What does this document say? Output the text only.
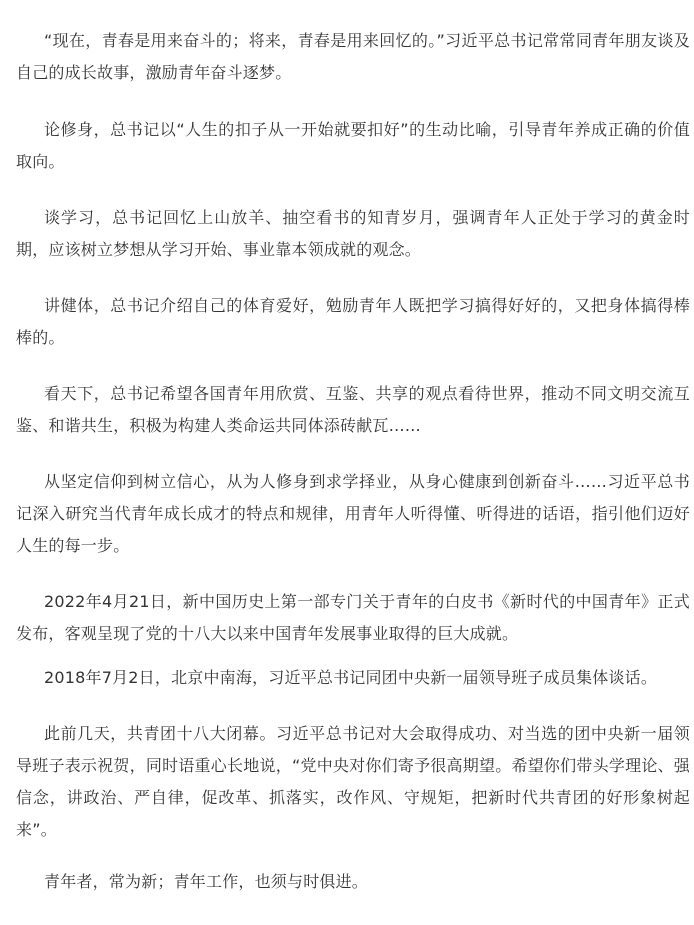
“现在，青春是用来奋斗的；将来，青春是用来回忆的。”习近平总书记常常同青年朋友谈及自己的成长故事，激励青年奋斗逐梦。

论修身，总书记以“人生的扣子从一开始就要扣好”的生动比喻，引导青年养成正确的价值取向。

谈学习，总书记回忆上山放羊、抽空看书的知青岁月，强调青年人正处于学习的黄金时期，应该树立梦想从学习开始、事业靠本领成就的观念。

讲健体，总书记介绍自己的体育爱好，勉励青年人既把学习搞得好好的，又把身体搞得棒棒的。

看天下，总书记希望各国青年用欣赏、互鉴、共享的观点看待世界，推动不同文明交流互鉴、和谐共生，积极为构建人类命运共同体添砖献瓦……

从坚定信仰到树立信心，从为人修身到求学择业，从身心健康到创新奋斗……习近平总书记深入研究当代青年成长成才的特点和规律，用青年人听得懂、听得进的话语，指引他们迈好人生的每一步。

2022年4月21日，新中国历史上第一部专门关于青年的白皮书《新时代的中国青年》正式发布，客观呈现了党的十八大以来中国青年发展事业取得的巨大成就。

2018年7月2日，北京中南海，习近平总书记同团中央新一届领导班子成员集体谈话。

此前几天，共青团十八大闭幕。习近平总书记对大会取得成功、对当选的团中央新一届领导班子表示祝贺，同时语重心长地说，“党中央对你们寄予很高期望。希望你们带头学理论、强信念，讲政治、严自律，促改革、抓落实，改作风、守规矩，把新时代共青团的好形象树起来”。

青年者，常为新；青年工作，也须与时俱进。
